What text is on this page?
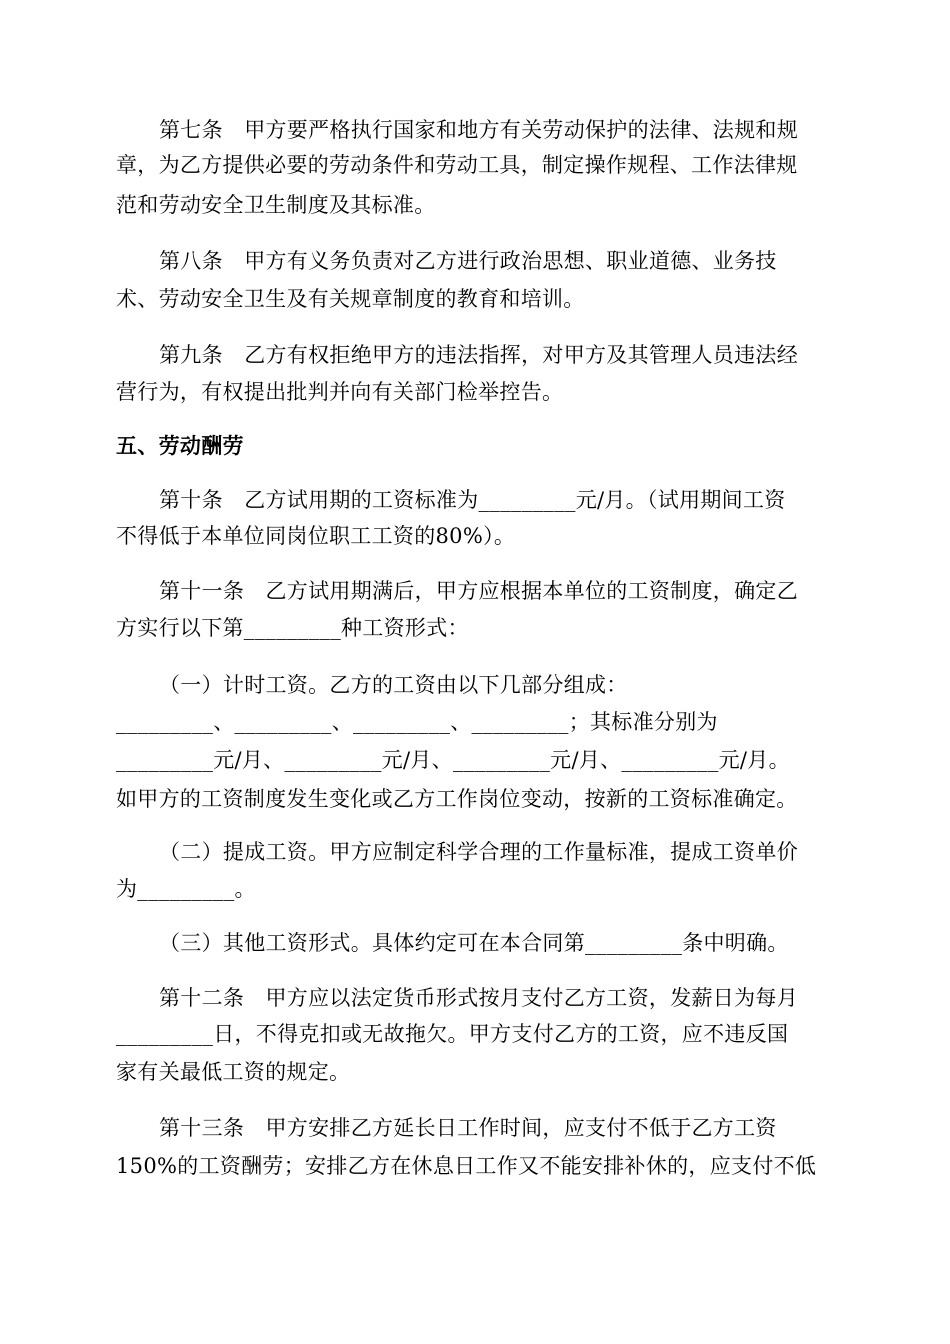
第七条　甲方要严格执行国家和地方有关劳动保护的法律、法规和规
章，为乙方提供必要的劳动条件和劳动工具，制定操作规程、工作法律规
范和劳动安全卫生制度及其标准。
第八条　甲方有义务负责对乙方进行政治思想、职业道德、业务技
术、劳动安全卫生及有关规章制度的教育和培训。
第九条　乙方有权拒绝甲方的违法指挥，对甲方及其管理人员违法经
营行为，有权提出批判并向有关部门检举控告。
五、劳动酬劳
第十条　乙方试用期的工资标准为_________元/月。（试用期间工资
不得低于本单位同岗位职工工资的80%）。
第十一条　乙方试用期满后，甲方应根据本单位的工资制度，确定乙
方实行以下第_________种工资形式：
（一）计时工资。乙方的工资由以下几部分组成：
_________、_________、_________、_________；其标准分别为
_________元/月、_________元/月、_________元/月、_________元/月。
如甲方的工资制度发生变化或乙方工作岗位变动，按新的工资标准确定。
（二）提成工资。甲方应制定科学合理的工作量标准，提成工资单价
为_________。
（三）其他工资形式。具体约定可在本合同第_________条中明确。
第十二条　甲方应以法定货币形式按月支付乙方工资，发薪日为每月
_________日，不得克扣或无故拖欠。甲方支付乙方的工资，应不违反国
家有关最低工资的规定。
第十三条　甲方安排乙方延长日工作时间，应支付不低于乙方工资
150%的工资酬劳；安排乙方在休息日工作又不能安排补休的，应支付不低
